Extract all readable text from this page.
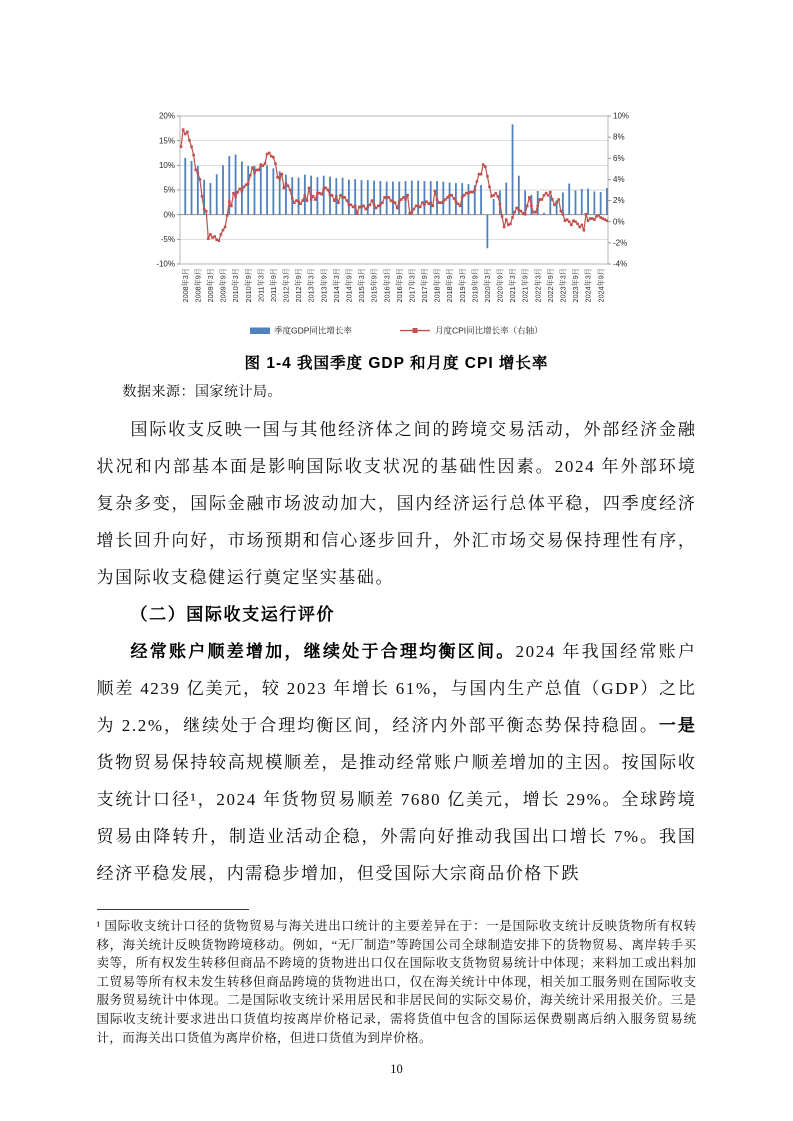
20%
15%
10%
5%
0%
-5%
-10%
10%
8%
6%
4%
2%
0%
-2%
-4%
2008年3月 2008年9月 2009年3月 2009年9月 2010年3月 2010年9月 2011年3月 2011年9月 2012年3月 2012年9月 2013年3月 2013年9月 2014年3月 2014年9月 2015年3月 2015年9月 2016年3月 2016年9月 2017年3月 2017年9月 2018年3月 2018年9月 2019年3月 2019年9月 2020年3月 2020年9月 2021年3月 2021年9月 2022年3月 2022年9月 2023年3月 2023年9月 2024年3月 2024年9月
季度GDP同比增长率	月度CPI同比增长率（右轴）
图 1-4 我国季度 GDP 和月度 CPI 增长率

数据来源：国家统计局。

国际收支反映一国与其他经济体之间的跨境交易活动，外部经济金融状况和内部基本面是影响国际收支状况的基础性因素。2024 年外部环境复杂多变，国际金融市场波动加大，国内经济运行总体平稳，四季度经济增长回升向好，市场预期和信心逐步回升，外汇市场交易保持理性有序，为国际收支稳健运行奠定坚实基础。

（二）国际收支运行评价

经常账户顺差增加，继续处于合理均衡区间。2024 年我国经常账户顺差 4239 亿美元，较 2023 年增长 61%，与国内生产总值（GDP）之比为 2.2%，继续处于合理均衡区间，经济内外部平衡态势保持稳固。一是货物贸易保持较高规模顺差，是推动经常账户顺差增加的主因。按国际收支统计口径¹，2024 年货物贸易顺差 7680 亿美元，增长 29%。全球跨境贸易由降转升，制造业活动企稳，外需向好推动我国出口增长 7%。我国经济平稳发展，内需稳步增加，但受国际大宗商品价格下跌

¹ 国际收支统计口径的货物贸易与海关进出口统计的主要差异在于：一是国际收支统计反映货物所有权转移，海关统计反映货物跨境移动。例如，“无厂制造”等跨国公司全球制造安排下的货物贸易、离岸转手买卖等，所有权发生转移但商品不跨境的货物进出口仅在国际收支货物贸易统计中体现；来料加工或出料加工贸易等所有权未发生转移但商品跨境的货物进出口，仅在海关统计中体现，相关加工服务则在国际收支服务贸易统计中体现。二是国际收支统计采用居民和非居民间的实际交易价，海关统计采用报关价。三是国际收支统计要求进出口货值均按离岸价格记录，需将货值中包含的国际运保费剔离后纳入服务贸易统计，而海关出口货值为离岸价格，但进口货值为到岸价格。

10
